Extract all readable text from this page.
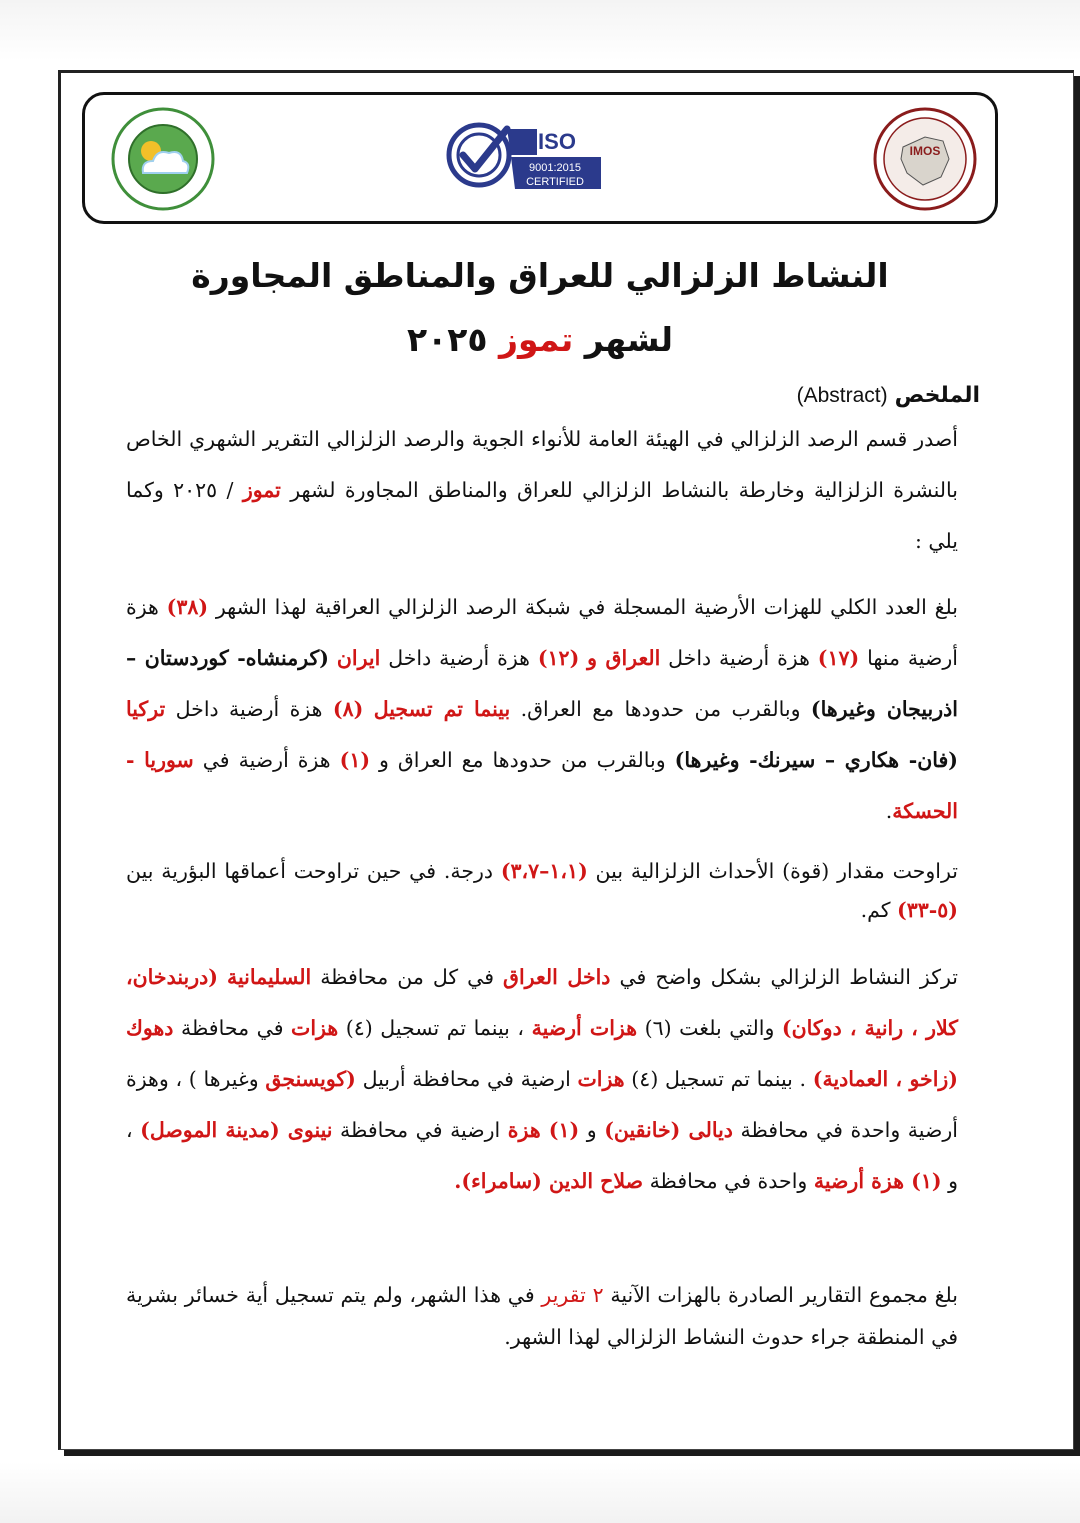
IMOS
ISO
9001:2015
CERTIFIED
النشاط الزلزالي للعراق والمناطق المجاورة
لشهر تموز ٢٠٢٥
الملخص (Abstract)
أصدر قسم الرصد الزلزالي في الهيئة العامة للأنواء الجوية والرصد الزلزالي التقرير الشهري الخاص بالنشرة الزلزالية وخارطة بالنشاط الزلزالي للعراق والمناطق المجاورة لشهر تموز / ٢٠٢٥ وكما يلي :
بلغ العدد الكلي للهزات الأرضية المسجلة في شبكة الرصد الزلزالي العراقية لهذا الشهر (٣٨) هزة أرضية منها (١٧) هزة أرضية داخل العراق و (١٢) هزة أرضية داخل ايران (كرمنشاه- كوردستان – اذربيجان وغيرها) وبالقرب من حدودها مع العراق. بينما تم تسجيل (٨) هزة أرضية داخل تركيا (فان- هكاري – سيرنك- وغيرها) وبالقرب من حدودها مع العراق و (١) هزة أرضية في سوريا - الحسكة.
تراوحت مقدار (قوة) الأحداث الزلزالية بين (١،١–٣،٧) درجة. في حين تراوحت أعماقها البؤرية بين (٥-٣٣) كم.
تركز النشاط الزلزالي بشكل واضح في داخل العراق في كل من محافظة السليمانية (دربندخان، كلار ، رانية ، دوكان) والتي بلغت (٦) هزات أرضية ، بينما تم تسجيل (٤) هزات في محافظة دهوك (زاخو ، العمادية) . بينما تم تسجيل (٤) هزات ارضية في محافظة أربيل (كويسنجق وغيرها ) ، وهزة أرضية واحدة في محافظة ديالى (خانقين) و (١) هزة ارضية في محافظة نينوى (مدينة الموصل) ، و (١) هزة أرضية واحدة في محافظة صلاح الدين (سامراء).
بلغ مجموع التقارير الصادرة بالهزات الآنية ٢ تقرير في هذا الشهر، ولم يتم تسجيل أية خسائر بشرية في المنطقة جراء حدوث النشاط الزلزالي لهذا الشهر.
